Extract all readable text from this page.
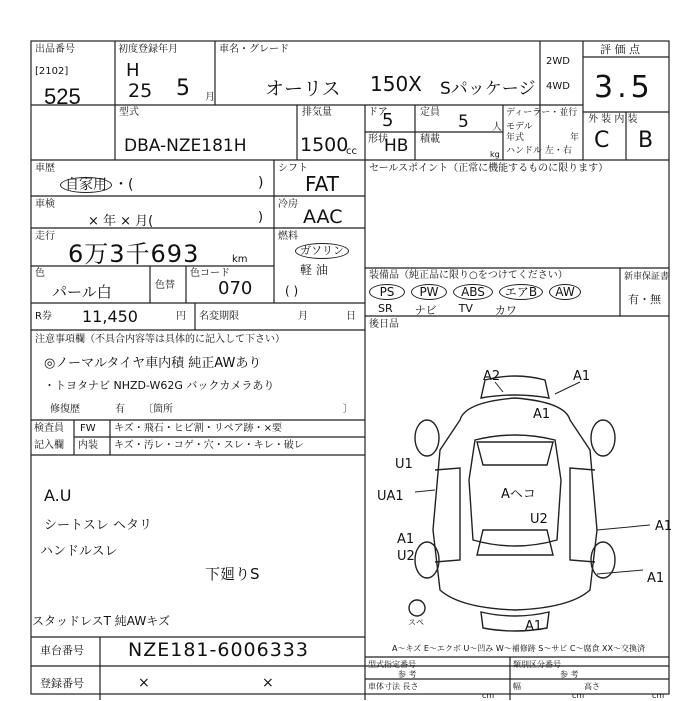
出品番号
[2102]
525
初度登録年月
H
25 5 月
車名・グレード
オーリス 150X Sパッケージ
2WD
4WD
評 価 点
3.5
型式
DBA-NZE181H
排気量
1500
cc
ドア
5
形状
HB
定員 5 人
積載
kg
ディーラー・並行
モデル
年式	年
ハンドル 左・右
外 装 内 装
C B
車歴
自家用 ・(	)
シフト
FAT
車検
× 年 × 月(	)
冷房
AAC
走行
6万3千693	km
燃料
ガソリン
軽 油
( )
色
パール白	色替
色コード
070
R券 11,450	円 名変期限	月	日
セールスポイント（正常に機能するものに限ります）
装備品（純正品に限り○をつけてください）
PS	PW	ABS	エアB	AW
SR ナビ TV カワ
新車保証書
有・無
後日品
注意事項欄（不具合内容等は具体的に記入して下さい）
◎ノーマルタイヤ車内積 純正AWあり
・トヨタナビ NHZD-W62G バックカメラあり
修復歴	有 〔箇所	〕
検査員
記入欄
FW キズ・飛石・ヒビ割・リペア跡・×要
内装 キズ・汚レ・コゲ・穴・スレ・キレ・破レ
A.U
シートスレ ヘタリ
ハンドルスレ
下廻りS
スタッドレスT 純AWキズ
A2	A1
A1
U1
UA1	Aヘコ
U2
A1
U2
A1
A1
A1
スペ
A～キズ E～エクボ U～凹み W～補修跡 S～サビ C～腐食 XX～交換済
車台番号 NZE181-6006333
登録番号	×	×
型式指定番号	類別区分番号
参 考	参 考
車体寸法 長さ
cm
幅
cm
高さ
cm
